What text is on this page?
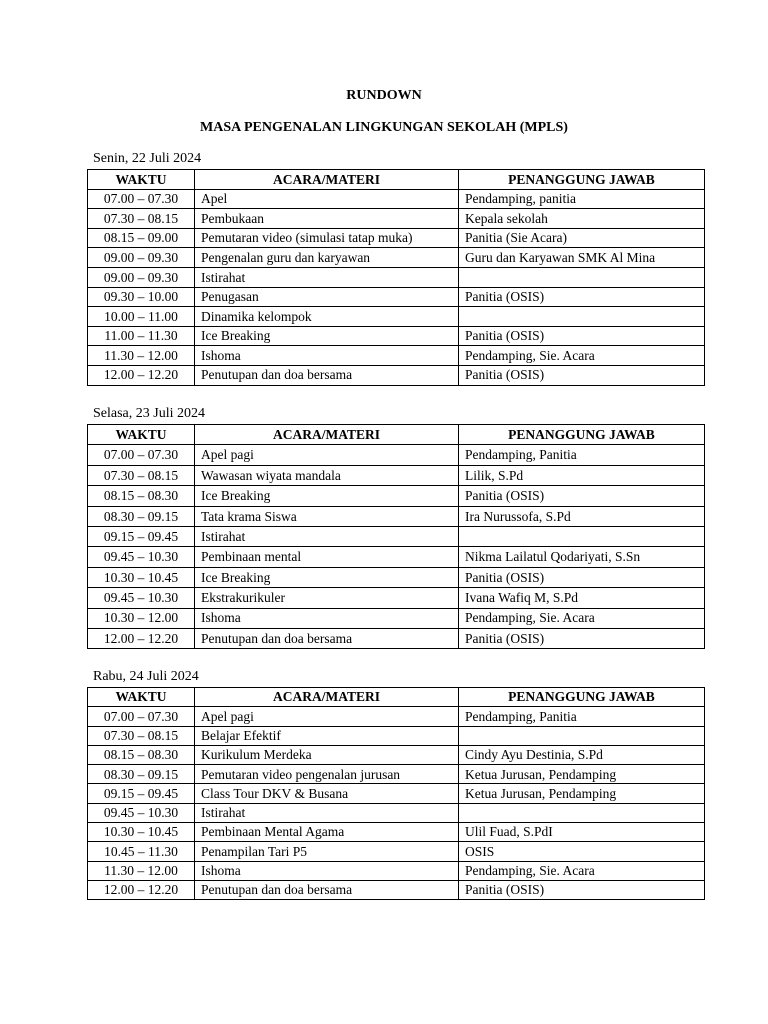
RUNDOWN
MASA PENGENALAN LINGKUNGAN SEKOLAH (MPLS)
Senin, 22 Juli 2024
WAKTU	ACARA/MATERI	PENANGGUNG JAWAB
07.00 – 07.30	Apel	Pendamping, panitia
07.30 – 08.15	Pembukaan	Kepala sekolah
08.15 – 09.00	Pemutaran video (simulasi tatap muka)	Panitia (Sie Acara)
09.00 – 09.30	Pengenalan guru dan karyawan	Guru dan Karyawan SMK Al Mina
09.00 – 09.30	Istirahat	
09.30 – 10.00	Penugasan	Panitia (OSIS)
10.00 – 11.00	Dinamika kelompok	
11.00 – 11.30	Ice Breaking	Panitia (OSIS)
11.30 – 12.00	Ishoma	Pendamping, Sie. Acara
12.00 – 12.20	Penutupan dan doa bersama	Panitia (OSIS)
Selasa, 23 Juli 2024
WAKTU	ACARA/MATERI	PENANGGUNG JAWAB
07.00 – 07.30	Apel pagi	Pendamping, Panitia
07.30 – 08.15	Wawasan wiyata mandala	Lilik, S.Pd
08.15 – 08.30	Ice Breaking	Panitia (OSIS)
08.30 – 09.15	Tata krama Siswa	Ira Nurussofa, S.Pd
09.15 – 09.45	Istirahat	
09.45 – 10.30	Pembinaan mental	Nikma Lailatul Qodariyati, S.Sn
10.30 – 10.45	Ice Breaking	Panitia (OSIS)
09.45 – 10.30	Ekstrakurikuler	Ivana Wafiq M, S.Pd
10.30 – 12.00	Ishoma	Pendamping, Sie. Acara
12.00 – 12.20	Penutupan dan doa bersama	Panitia (OSIS)
Rabu, 24 Juli 2024
WAKTU	ACARA/MATERI	PENANGGUNG JAWAB
07.00 – 07.30	Apel pagi	Pendamping, Panitia
07.30 – 08.15	Belajar Efektif	
08.15 – 08.30	Kurikulum Merdeka	Cindy Ayu Destinia, S.Pd
08.30 – 09.15	Pemutaran video pengenalan jurusan	Ketua Jurusan, Pendamping
09.15 – 09.45	Class Tour DKV & Busana	Ketua Jurusan, Pendamping
09.45 – 10.30	Istirahat	
10.30 – 10.45	Pembinaan Mental Agama	Ulil Fuad, S.PdI
10.45 – 11.30	Penampilan Tari P5	OSIS
11.30 – 12.00	Ishoma	Pendamping, Sie. Acara
12.00 – 12.20	Penutupan dan doa bersama	Panitia (OSIS)
